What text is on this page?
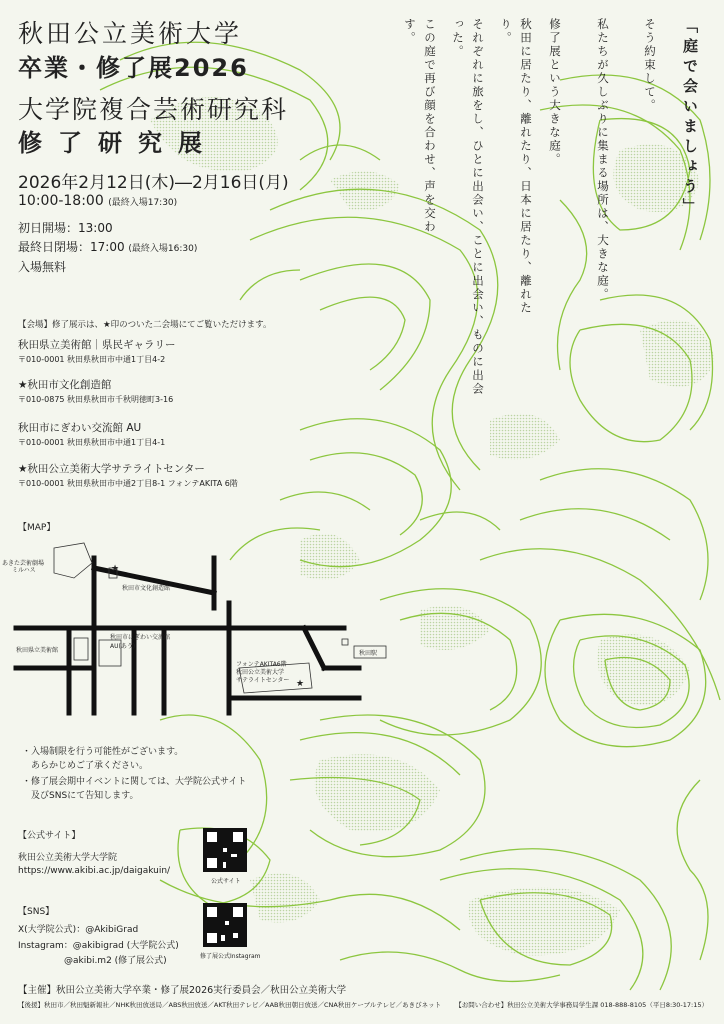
秋田公立美術大学
卒業・修了展2026
大学院複合芸術研究科
修了研究展
2026年2月12日(木)―2月16日(月)
10:00-18:00 (最終入場17:30)
初日開場：13:00
最終日閉場：17:00 (最終入場16:30)
入場無料
【会場】修了展示は、★印のついた二会場にてご覧いただけます。
秋田県立美術館｜県民ギャラリー
〒010-0001 秋田県秋田市中通1丁目4-2
★秋田市文化創造館
〒010-0875 秋田県秋田市千秋明徳町3-16
秋田市にぎわい交流館 AU
〒010-0001 秋田県秋田市中通1丁目4-1
★秋田公立美術大学サテライトセンター
〒010-0001 秋田県秋田市中通2丁目8-1 フォンテAKITA 6階
【MAP】
あきた芸術劇場
ミルハス
秋田市文化創造館
★
秋田県立美術館
秋田市にぎわい交流館
AU(あう)
フォンテAKITA6階
秋田公立美術大学
サテライトセンター ★
秋田駅
・入場制限を行う可能性がございます。
　あらかじめご了承ください。
・修了展会期中イベントに関しては、大学院公式サイト
　及びSNSにて告知します。
【公式サイト】
秋田公立美術大学大学院
https://www.akibi.ac.jp/daigakuin/
公式サイト
【SNS】
X(大学院公式)：@AkibiGrad
Instagram：@akibigrad (大学院公式)
@akibi.m2 (修了展公式)	修了展公式Instagram
「庭で会いましょう」
そう約束して。
私たちが久しぶりに集まる場所は、大きな庭。
修了展という大きな庭。
秋田に居たり、離れたり、日本に居たり、離れたり。
それぞれに旅をし、ひとに出会い、ことに出会い、ものに出会った。
この庭で再び顔を合わせ、声を交わす。
【主催】秋田公立美術大学卒業・修了展2026実行委員会／秋田公立美術大学
【後援】秋田市／秋田魁新報社／NHK秋田放送局／ABS秋田放送／AKT秋田テレビ／AAB秋田朝日放送／CNA秋田ケーブルテレビ／あきびネット 【お問い合わせ】秋田公立美術大学事務局学生課 018-888-8105（平日8:30-17:15）
